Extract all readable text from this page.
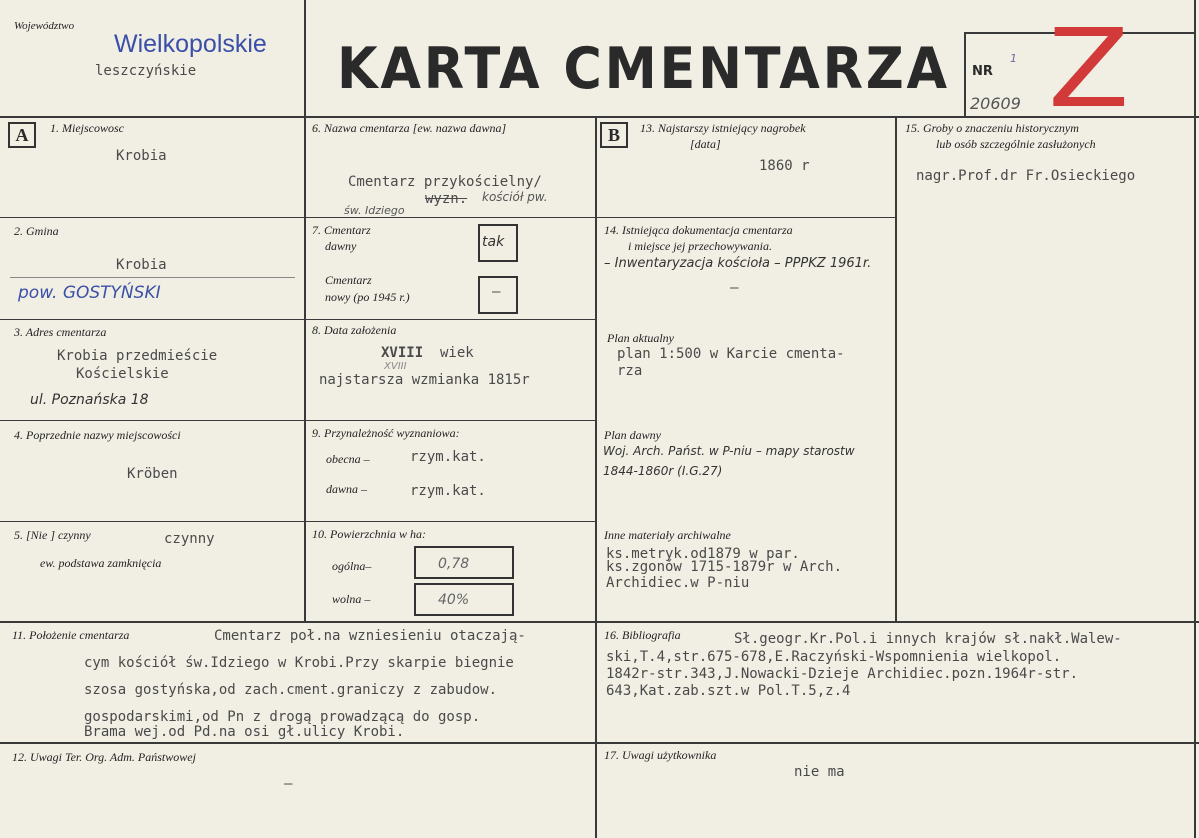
Województwo
Wielkopolskie
leszczyńskie KARTA CMENTARZA NR
1
20609 Z
A	B
1. Miejscowosc
Krobia
2. Gmina
Krobia
pow. GOSTYŃSKI
3. Adres cmentarza
Krobia przedmieście
Kościelskie
ul. Poznańska 18
4. Poprzednie nazwy miejscowości
Kröben
5. [Nie ] czynny	czynny
ew. podstawa zamknięcia
6. Nazwa cmentarza [ew. nazwa dawna]
Cmentarz przykościelny/
wyzn. kościół pw.
św. Idziego
7. Cmentarz
dawny	tak
Cmentarz
nowy (po 1945 r.)	–
8. Data założenia
XVIII wiek
XVIII
najstarsza wzmianka 1815r
9. Przynależność wyznaniowa:
obecna –	rzym.kat.
dawna –	rzym.kat.
10. Powierzchnia w ha:
ogólna–	0,78
wolna –	40%
13. Najstarszy istniejący nagrobek
[data]
1860 r
14. Istniejąca dokumentacja cmentarza
i miejsce jej przechowywania.
– Inwentaryzacja kościoła – PPPKZ 1961r.
—
Plan aktualny
plan 1:500 w Karcie cmenta-
rza
Plan dawny
Woj. Arch. Państ. w P-niu – mapy starostw
1844-1860r (I.G.27)
Inne materiały archiwalne
ks.metryk.od1879 w par.
ks.zgonów 1715-1879r w Arch.
Archidiec.w P-niu
15. Groby o znaczeniu historycznym
lub osób szczególnie zasłużonych
nagr.Prof.dr Fr.Osieckiego
11. Położenie cmentarza	Cmentarz poł.na wzniesieniu otaczają-
cym kościół św.Idziego w Krobi.Przy skarpie biegnie
szosa gostyńska,od zach.cment.graniczy z zabudow.
gospodarskimi,od Pn z drogą prowadzącą do gosp.
Brama wej.od Pd.na osi gł.ulicy Krobi.
16. Bibliografia	Sł.geogr.Kr.Pol.i innych krajów sł.nakł.Walew-
ski,T.4,str.675-678,E.Raczyński-Wspomnienia wielkopol.
1842r-str.343,J.Nowacki-Dzieje Archidiec.pozn.1964r-str.
643,Kat.zab.szt.w Pol.T.5,z.4
12. Uwagi Ter. Org. Adm. Państwowej
—
17. Uwagi użytkownika
nie ma
